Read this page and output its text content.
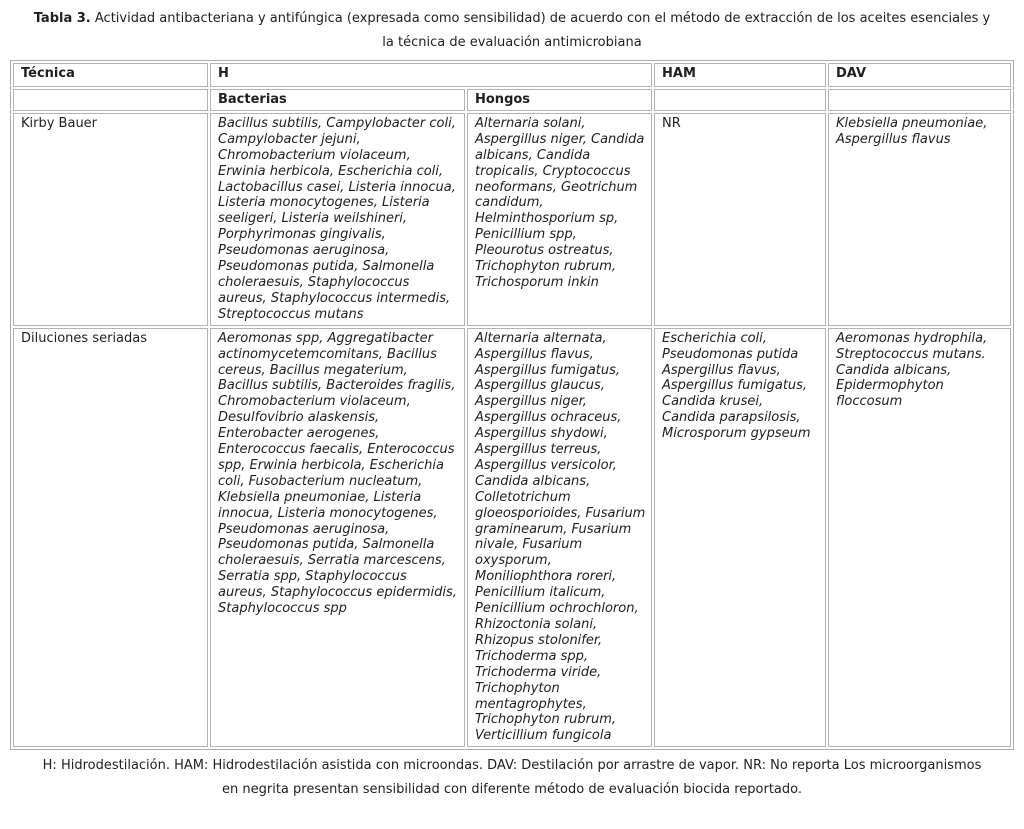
Tabla 3. Actividad antibacteriana y antifúngica (expresada como sensibilidad) de acuerdo con el método de extracción de los aceites esenciales y la técnica de evaluación antimicrobiana
Técnica	H		HAM	DAV
	Bacterias	Hongos		
Kirby Bauer	Bacillus subtilis, Campylobacter coli, Campylobacter jejuni, Chromobacterium violaceum, Erwinia herbicola, Escherichia coli, Lactobacillus casei, Listeria innocua, Listeria monocytogenes, Listeria seeligeri, Listeria weilshineri, Porphyrimonas gingivalis, Pseudomonas aeruginosa, Pseudomonas putida, Salmonella choleraesuis, Staphylococcus aureus, Staphylococcus intermedis, Streptococcus mutans	Alternaria solani, Aspergillus niger, Candida albicans, Candida tropicalis, Cryptococcus neoformans, Geotrichum candidum, Helminthosporium sp, Penicillium spp, Pleourotus ostreatus, Trichophyton rubrum, Trichosporum inkin	NR	Klebsiella pneumoniae, Aspergillus flavus
Diluciones seriadas	Aeromonas spp, Aggregatibacter actinomycetemcomitans, Bacillus cereus, Bacillus megaterium, Bacillus subtilis, Bacteroides fragilis, Chromobacterium violaceum, Desulfovibrio alaskensis, Enterobacter aerogenes, Enterococcus faecalis, Enterococcus spp, Erwinia herbicola, Escherichia coli, Fusobacterium nucleatum, Klebsiella pneumoniae, Listeria innocua, Listeria monocytogenes, Pseudomonas aeruginosa, Pseudomonas putida, Salmonella choleraesuis, Serratia marcescens, Serratia spp, Staphylococcus aureus, Staphylococcus epidermidis, Staphylococcus spp	Alternaria alternata, Aspergillus flavus, Aspergillus fumigatus, Aspergillus glaucus, Aspergillus niger, Aspergillus ochraceus, Aspergillus shydowi, Aspergillus terreus, Aspergillus versicolor, Candida albicans, Colletotrichum gloeosporioides, Fusarium graminearum, Fusarium nivale, Fusarium oxysporum, Moniliophthora roreri, Penicillium italicum, Penicillium ochrochloron, Rhizoctonia solani, Rhizopus stolonifer, Trichoderma spp, Trichoderma viride, Trichophyton mentagrophytes, Trichophyton rubrum, Verticillium fungicola	Escherichia coli, Pseudomonas putida Aspergillus flavus, Aspergillus fumigatus, Candida krusei, Candida parapsilosis, Microsporum gypseum	Aeromonas hydrophila, Streptococcus mutans. Candida albicans, Epidermophyton floccosum
H: Hidrodestilación. HAM: Hidrodestilación asistida con microondas. DAV: Destilación por arrastre de vapor. NR: No reporta Los microorganismos en negrita presentan sensibilidad con diferente método de evaluación biocida reportado.
